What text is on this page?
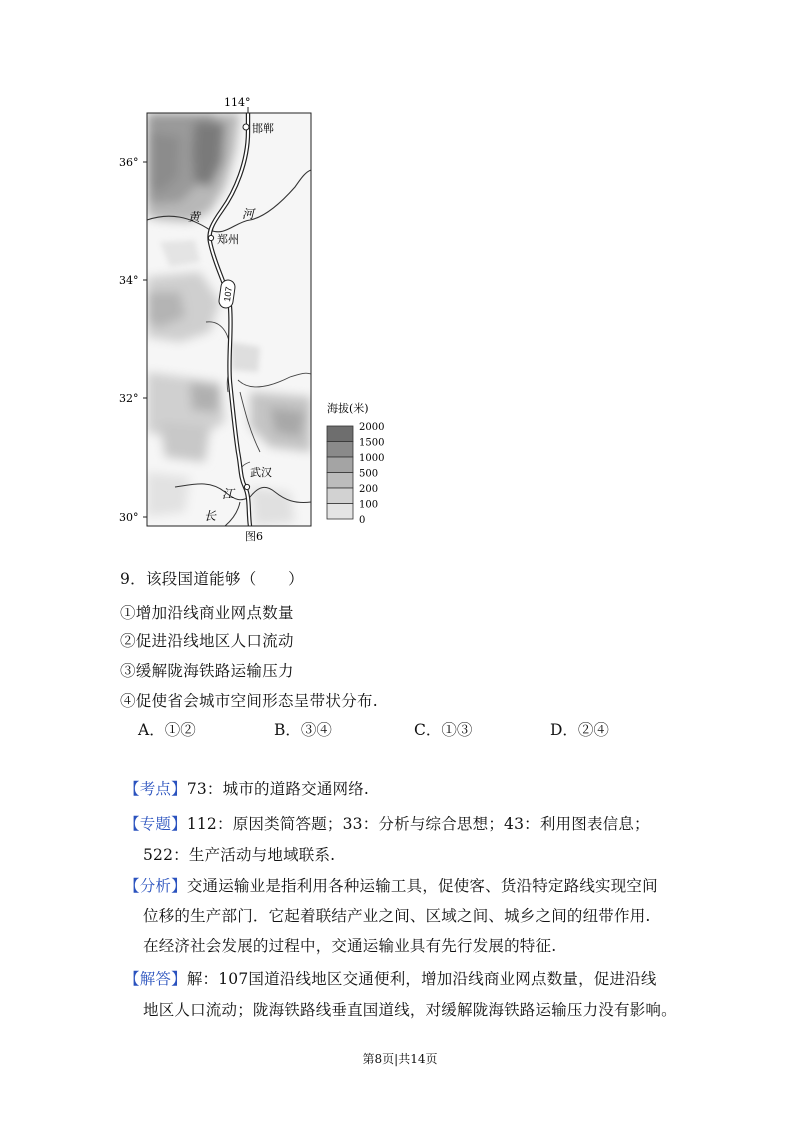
107
114°
36°
34°
32°
30°
邯郸
郑州
武汉
黄	河
江
长
海拔(米)
2000
1500
1000
500
200
100
0
图6
9．该段国道能够（　　）
①增加沿线商业网点数量
②促进沿线地区人口流动
③缓解陇海铁路运输压力
④促使省会城市空间形态呈带状分布.
A．①②	B．③④	C．①③	D．②④
【考点】73：城市的道路交通网络.
【专题】112：原因类简答题；33：分析与综合思想；43：利用图表信息；
522：生产活动与地域联系.
【分析】交通运输业是指利用各种运输工具，促使客、货沿特定路线实现空间
位移的生产部门．它起着联结产业之间、区域之间、城乡之间的纽带作用.
在经济社会发展的过程中，交通运输业具有先行发展的特征.
【解答】解：107国道沿线地区交通便利，增加沿线商业网点数量，促进沿线
地区人口流动；陇海铁路线垂直国道线，对缓解陇海铁路运输压力没有影响。
第8页|共14页
